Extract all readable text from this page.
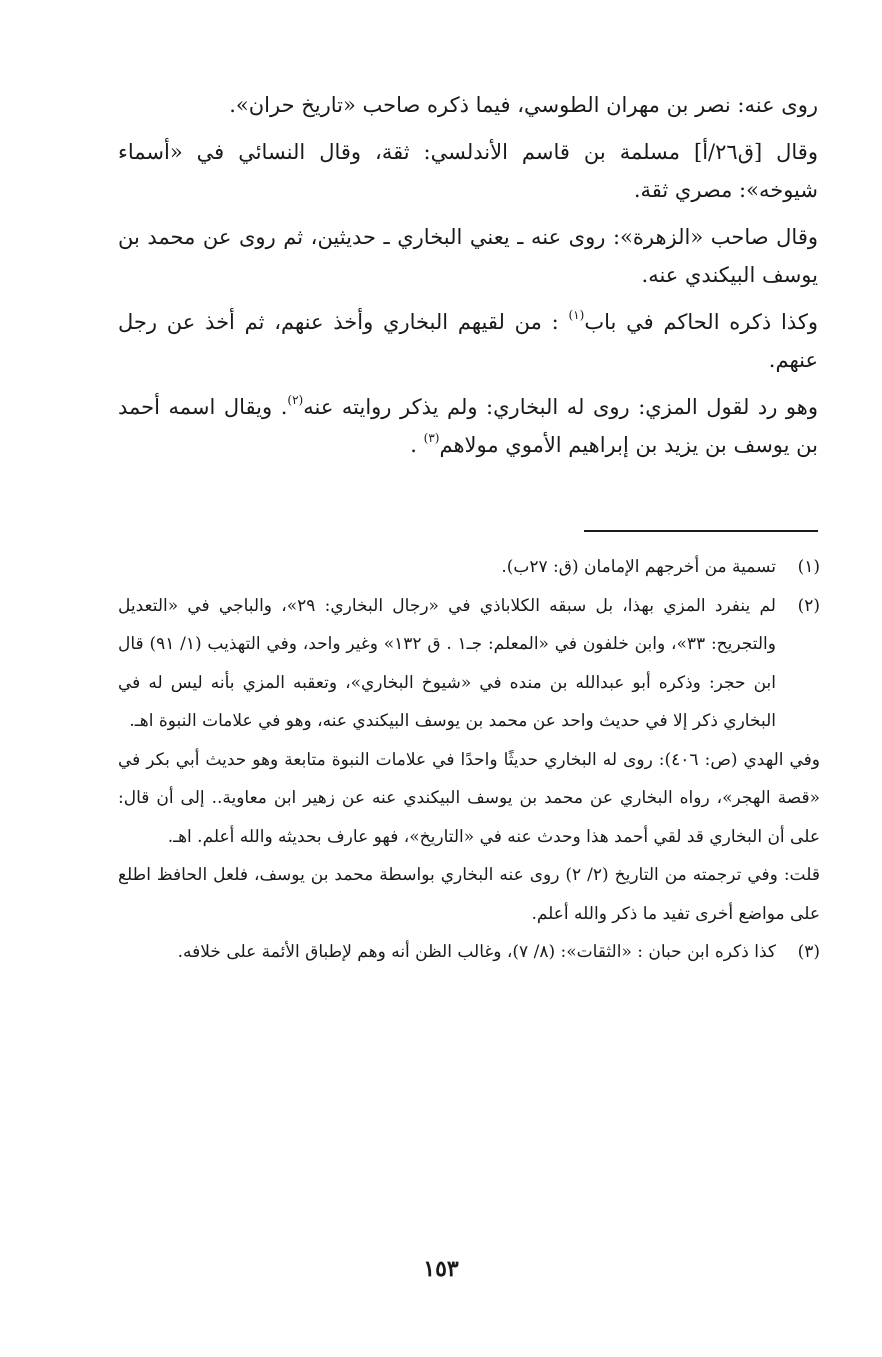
روى عنه: نصر بن مهران الطوسي، فيما ذكره صاحب «تاريخ حران».

وقال [ق٢٦/أ] مسلمة بن قاسم الأندلسي: ثقة، وقال النسائي في «أسماء شيوخه»: مصري ثقة.

وقال صاحب «الزهرة»: روى عنه ـ يعني البخاري ـ حديثين، ثم روى عن محمد بن يوسف البيكندي عنه.

وكذا ذكره الحاكم في باب$^{(١)}$ : من لقيهم البخاري وأخذ عنهم، ثم أخذ عن رجل عنهم.

وهو رد لقول المزي: روى له البخاري: ولم يذكر روايته عنه$^{(٢)}$. ويقال اسمه أحمد بن يوسف بن يزيد بن إبراهيم الأموي مولاهم$^{(٣)}$ .

(١)
تسمية من أخرجهم الإمامان (ق: ٢٧ب).
(٢)
لم ينفرد المزي بهذا، بل سبقه الكلاباذي في «رجال البخاري: ٢٩»، والباجي في «التعديل والتجريح: ٣٣»، وابن خلفون في «المعلم: جـ١ . ق ١٣٢» وغير واحد، وفي التهذيب (١/ ٩١) قال ابن حجر: وذكره أبو عبدالله بن منده في «شيوخ البخاري»، وتعقبه المزي بأنه ليس له في البخاري ذكر إلا في حديث واحد عن محمد بن يوسف البيكندي عنه، وهو في علامات النبوة اهـ.
وفي الهدي (ص: ٤٠٦): روى له البخاري حديثًا واحدًا في علامات النبوة متابعة وهو حديث أبي بكر في «قصة الهجر»، رواه البخاري عن محمد بن يوسف البيكندي عنه عن زهير ابن معاوية.. إلى أن قال: على أن البخاري قد لقي أحمد هذا وحدث عنه في «التاريخ»، فهو عارف بحديثه والله أعلم. اهـ.
قلت: وفي ترجمته من التاريخ (٢/ ٢) روى عنه البخاري بواسطة محمد بن يوسف، فلعل الحافظ اطلع على مواضع أخرى تفيد ما ذكر والله أعلم.
(٣)
كذا ذكره ابن حبان : «الثقات»: (٨/ ٧)، وغالب الظن أنه وهم لإطباق الأئمة على خلافه.
١٥٣
